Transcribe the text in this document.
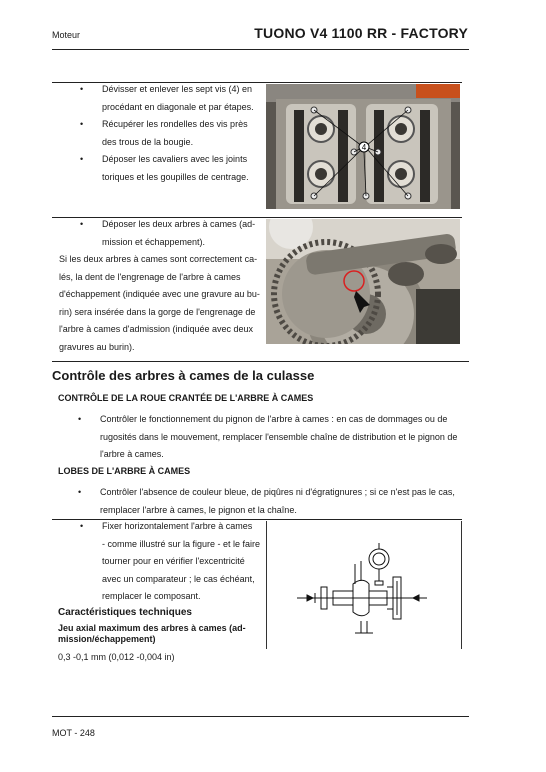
Moteur	TUONO V4 1100 RR - FACTORY
• Dévisser et enlever les sept vis (4) en
procédant en diagonale et par étapes.
• Récupérer les rondelles des vis près
des trous de la bougie.
• Déposer les cavaliers avec les joints
toriques et les goupilles de centrage.
4
• Déposer les deux arbres à cames (ad-
mission et échappement).
Si les deux arbres à cames sont correctement ca-
lés, la dent de l'engrenage de l'arbre à cames
d'échappement (indiquée avec une gravure au bu-
rin) sera insérée dans la gorge de l'engrenage de
l'arbre à cames d'admission (indiquée avec deux
gravures au burin).
Contrôle des arbres à cames de la culasse
CONTRÔLE DE LA ROUE CRANTÉE DE L'ARBRE À CAMES
• Contrôler le fonctionnement du pignon de l'arbre à cames : en cas de dommages ou de
rugosités dans le mouvement, remplacer l'ensemble chaîne de distribution et le pignon de
l'arbre à cames.
LOBES DE L'ARBRE À CAMES
• Contrôler l'absence de couleur bleue, de piqûres ni d'égratignures ; si ce n'est pas le cas,
remplacer l'arbre à cames, le pignon et la chaîne.
• Fixer horizontalement l'arbre à cames
- comme illustré sur la figure - et le faire
tourner pour en vérifier l'excentricité
avec un comparateur ; le cas échéant,
remplacer le composant.
Caractéristiques techniques
Jeu axial maximum des arbres à cames (ad-
mission/échappement)
0,3 -0,1 mm (0,012 -0,004 in)
MOT - 248
